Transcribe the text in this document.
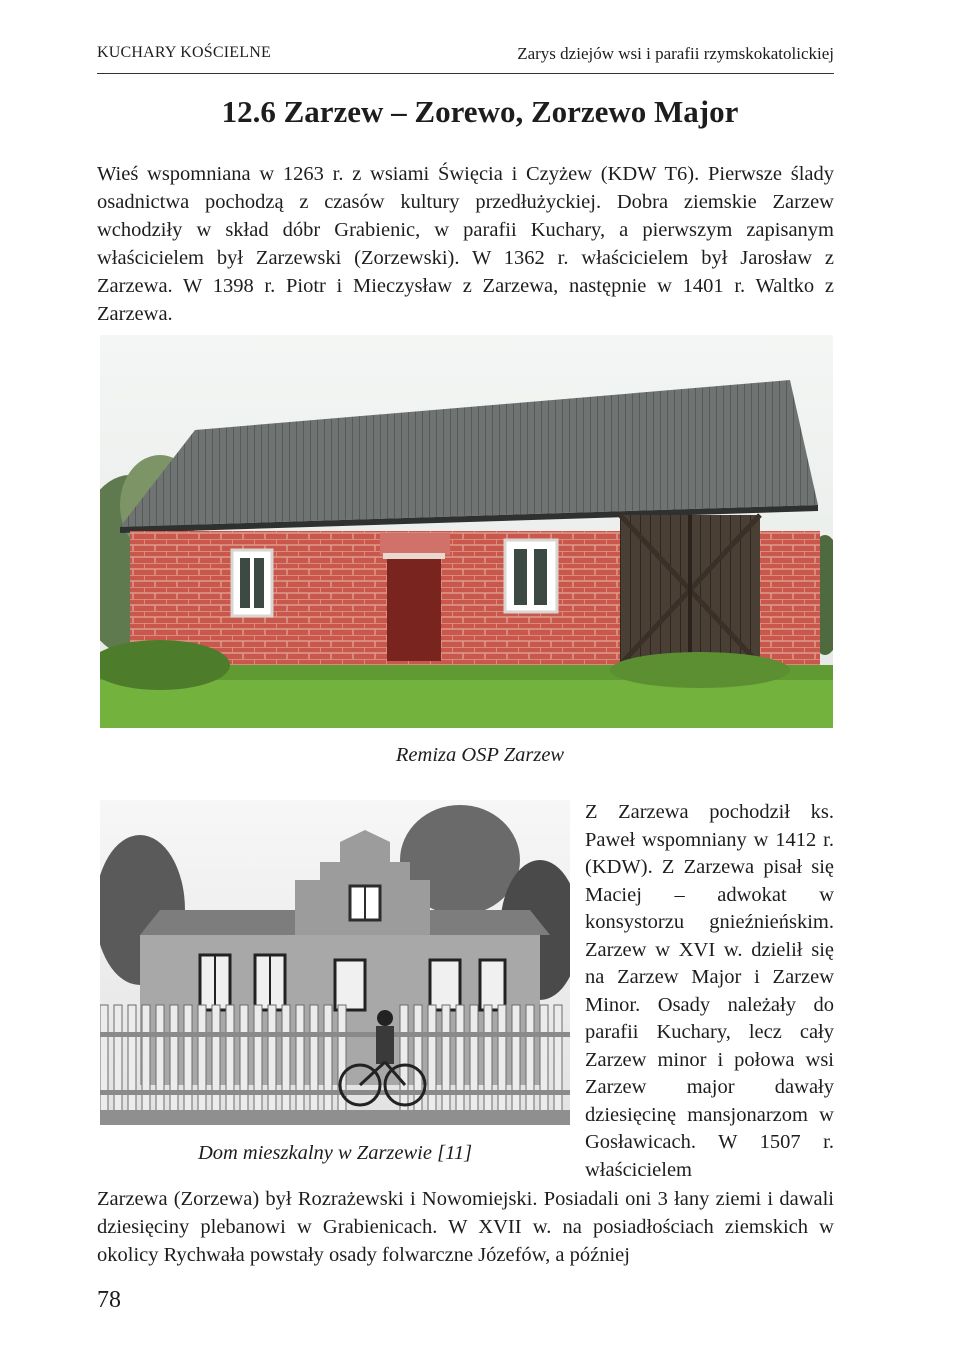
KUCHARY KOŚCIELNE	Zarys dziejów wsi i parafii rzymskokatolickiej
12.6 Zarzew – Zorewo, Zorzewo Major
Wieś wspomniana w 1263 r. z wsiami Święcia i Czyżew (KDW T6). Pierwsze ślady osadnictwa pochodzą z czasów kultury przedłużyckiej. Dobra ziemskie Zarzew wchodziły w skład dóbr Grabienic, w parafii Kuchary, a pierwszym zapisanym właścicielem był Zarzewski (Zorzewski). W 1362 r. właścicielem był Jarosław z Zarzewa. W 1398 r. Piotr i Mieczysław z Zarzewa, następnie w 1401 r. Waltko z Zarzewa.
Remiza OSP Zarzew
Dom mieszkalny w Zarzewie [11]
Z Zarzewa pochodził ks. Paweł wspomniany w 1412 r. (KDW). Z Zarzewa pisał się Maciej – adwokat w konsystorzu gnieźnieńskim. Zarzew w XVI w. dzielił się na Zarzew Major i Zarzew Minor. Osady należały do parafii Kuchary, lecz cały Zarzew minor i połowa wsi Zarzew major dawały dziesięcinę mansjonarzom w Gosławicach. W 1507 r. właścicielem
Zarzewa (Zorzewa) był Rozrażewski i Nowomiejski. Posiadali oni 3 łany ziemi i dawali dziesięciny plebanowi w Grabienicach. W XVII w. na posiadłościach ziemskich w okolicy Rychwała powstały osady folwarczne Józefów, a później
78
